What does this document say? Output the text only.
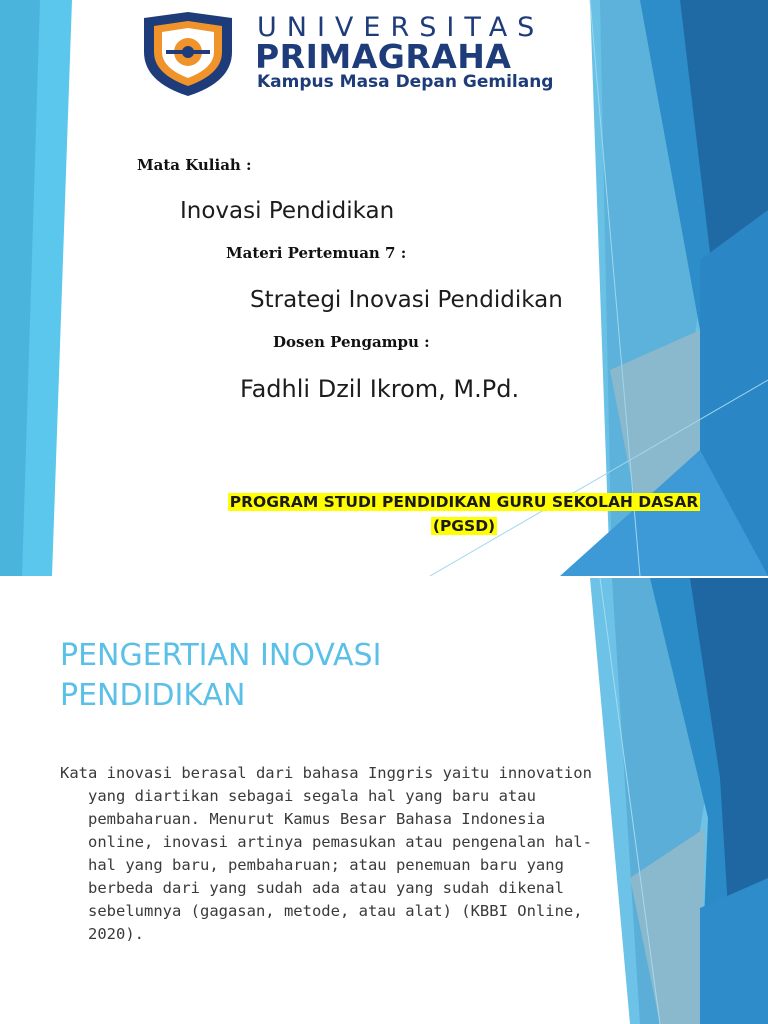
UNIVERSITAS
PRIMAGRAHA
Kampus Masa Depan Gemilang
Mata Kuliah :
Inovasi Pendidikan
Materi Pertemuan 7 :
Strategi Inovasi Pendidikan
Dosen Pengampu :
Fadhli Dzil Ikrom, M.Pd.
PROGRAM STUDI PENDIDIKAN GURU SEKOLAH DASAR
(PGSD)
PENGERTIAN INOVASI PENDIDIKAN
Kata inovasi berasal dari bahasa Inggris yaitu innovation yang diartikan sebagai segala hal yang baru atau pembaharuan. Menurut Kamus Besar Bahasa Indonesia online, inovasi artinya pemasukan atau pengenalan hal-hal yang baru, pembaharuan; atau penemuan baru yang berbeda dari yang sudah ada atau yang sudah dikenal sebelumnya (gagasan, metode, atau alat) (KBBI Online, 2020).
